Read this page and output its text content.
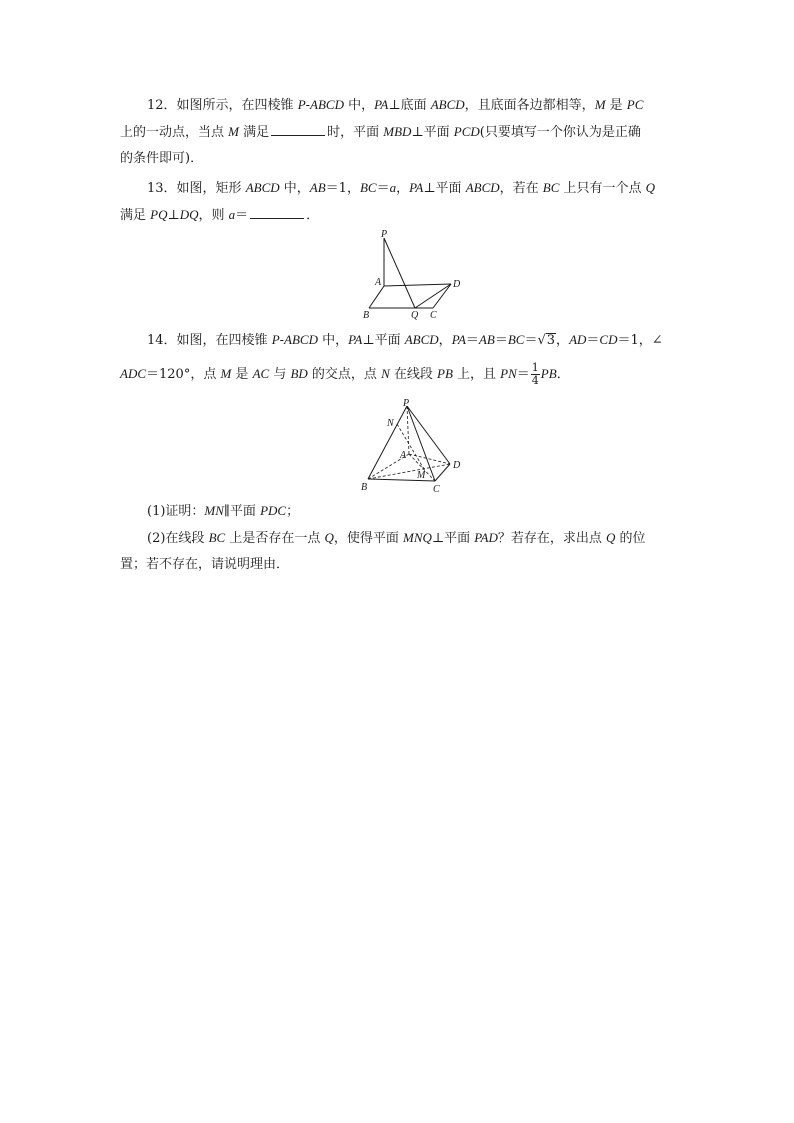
12．如图所示，在四棱锥 P-ABCD 中，PA⊥底面 ABCD，且底面各边都相等，M 是 PC
上的一动点，当点 M 满足	时，平面 MBD⊥平面 PCD(只要填写一个你认为是正确
的条件即可)．
13．如图，矩形 ABCD 中，AB＝1，BC＝a，PA⊥平面 ABCD，若在 BC 上只有一个点 Q
满足 PQ⊥DQ，则 a＝	．
P
A	D
B	Q C
14．如图，在四棱锥 P-ABCD 中，PA⊥平面 ABCD，PA＝AB＝BC＝√3，AD＝CD＝1，∠
ADC＝120°，点 M 是 AC 与 BD 的交点，点 N 在线段 PB 上，且 $PN= \frac{1}{4}$ PB．
P
N
A
D
M
B	C
(1)证明：MN∥平面 PDC；
(2)在线段 BC 上是否存在一点 Q，使得平面 MNQ⊥平面 PAD？若存在，求出点 Q 的位
置；若不存在，请说明理由．
